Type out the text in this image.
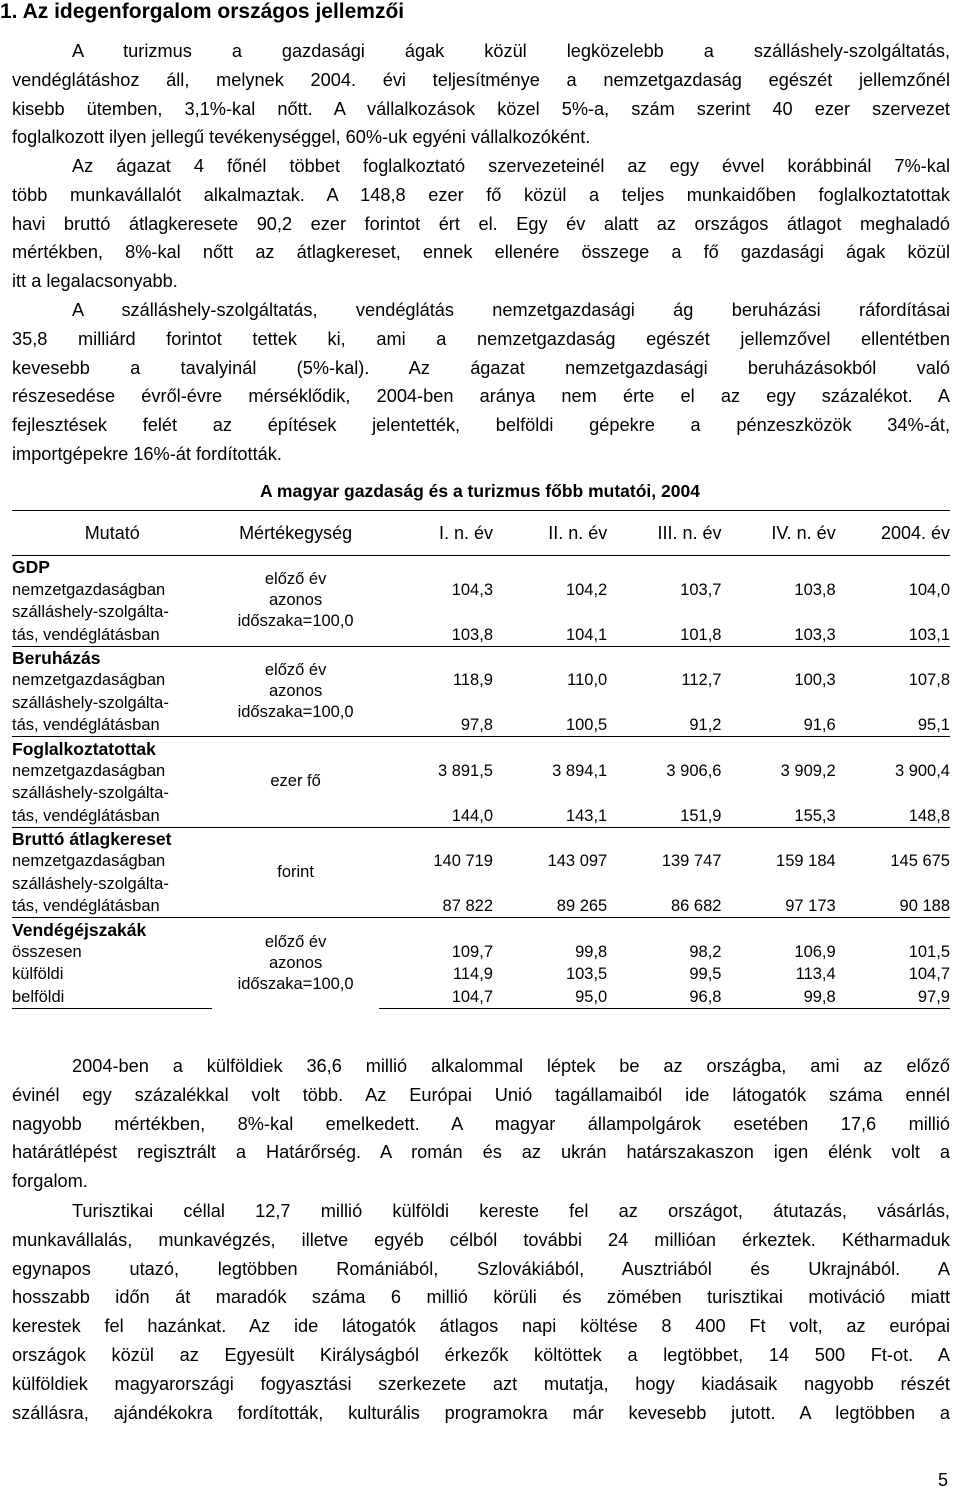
1. Az idegenforgalom országos jellemzői

A turizmus a gazdasági ágak közül legközelebb a szálláshely-szolgáltatás,
vendéglátáshoz áll, melynek 2004. évi teljesítménye a nemzetgazdaság egészét jellemzőnél
kisebb ütemben, 3,1%-kal nőtt. A vállalkozások közel 5%-a, szám szerint 40 ezer szervezet
foglalkozott ilyen jellegű tevékenységgel, 60%-uk egyéni vállalkozóként.

Az ágazat 4 főnél többet foglalkoztató szervezeteinél az egy évvel korábbinál 7%-kal
több munkavállalót alkalmaztak. A 148,8 ezer fő közül a teljes munkaidőben foglalkoztatottak
havi bruttó átlagkeresete 90,2 ezer forintot ért el. Egy év alatt az országos átlagot meghaladó
mértékben, 8%-kal nőtt az átlagkereset, ennek ellenére összege a fő gazdasági ágak közül
itt a legalacsonyabb.

A szálláshely-szolgáltatás, vendéglátás nemzetgazdasági ág beruházási ráfordításai
35,8 milliárd forintot tettek ki, ami a nemzetgazdaság egészét jellemzővel ellentétben
kevesebb a tavalyinál (5%-kal). Az ágazat nemzetgazdasági beruházásokból való
részesedése évről-évre mérséklődik, 2004-ben aránya nem érte el az egy százalékot. A
fejlesztések felét az építések jelentették, belföldi gépekre a pénzeszközök 34%-át,
importgépekre 16%-át fordították.

A magyar gazdaság és a turizmus főbb mutatói, 2004
Mutató	Mértékegység	I. n. év	II. n. év	III. n. év	IV. n. év	2004. év
GDP	előző év
azonos
időszaka=100,0					

nemzetgazdaságban		104,3	104,2	103,7	103,8	104,0
szálláshely-szolgálta-						
tás, vendéglátásban		103,8	104,1	101,8	103,3	103,1
Beruházás	előző év
azonos
időszaka=100,0					

nemzetgazdaságban		118,9	110,0	112,7	100,3	107,8
szálláshely-szolgálta-						
tás, vendéglátásban		97,8	100,5	91,2	91,6	95,1
Foglalkoztatottak	ezer fő					

nemzetgazdaságban		3 891,5	3 894,1	3 906,6	3 909,2	3 900,4
szálláshely-szolgálta-						
tás, vendéglátásban		144,0	143,1	151,9	155,3	148,8
Bruttó átlagkereset	forint					

nemzetgazdaságban		140 719	143 097	139 747	159 184	145 675
szálláshely-szolgálta-						
tás, vendéglátásban		87 822	89 265	86 682	97 173	90 188
Vendégéjszakák	előző év
azonos
időszaka=100,0					

összesen		109,7	99,8	98,2	106,9	101,5
külföldi		114,9	103,5	99,5	113,4	104,7
belföldi		104,7	95,0	96,8	99,8	97,9

2004-ben a külföldiek 36,6 millió alkalommal léptek be az országba, ami az előző
évinél egy százalékkal volt több. Az Európai Unió tagállamaiból ide látogatók száma ennél
nagyobb mértékben, 8%-kal emelkedett. A magyar állampolgárok esetében 17,6 millió
határátlépést regisztrált a Határőrség. A román és az ukrán határszakaszon igen élénk volt a
forgalom.

Turisztikai céllal 12,7 millió külföldi kereste fel az országot, átutazás, vásárlás,
munkavállalás, munkavégzés, illetve egyéb célból további 24 millióan érkeztek. Kétharmaduk
egynapos utazó, legtöbben Romániából, Szlovákiából, Ausztriából és Ukrajnából. A
hosszabb időn át maradók száma 6 millió körüli és zömében turisztikai motiváció miatt
kerestek fel hazánkat. Az ide látogatók átlagos napi költése 8 400 Ft volt, az európai
országok közül az Egyesült Királyságból érkezők költöttek a legtöbbet, 14 500 Ft-ot. A
külföldiek magyarországi fogyasztási szerkezete azt mutatja, hogy kiadásaik nagyobb részét
szállásra, ajándékokra fordították, kulturális programokra már kevesebb jutott. A legtöbben a

5
